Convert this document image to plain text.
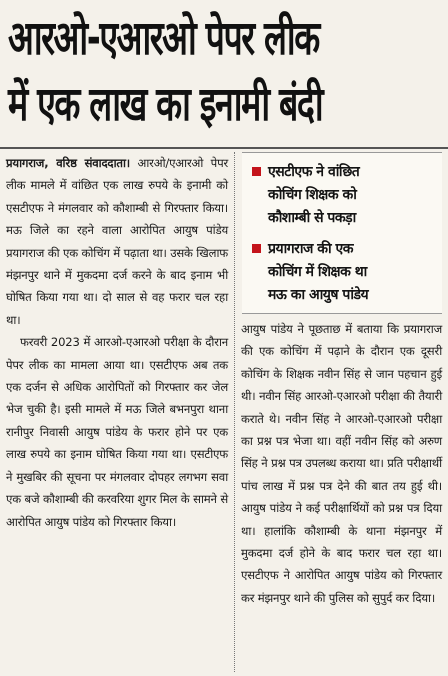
आरओ-एआरओ पेपर लीक
में एक लाख का इनामी बंदी

प्रयागराज, वरिष्ठ संवाददाता। आरओ/एआरओ पेपर लीक मामले में वांछित एक लाख रुपये के इनामी को एसटीएफ ने मंगलवार को कौशाम्बी से गिरफ्तार किया। मऊ जिले का रहने वाला आरोपित आयुष पांडेय प्रयागराज की एक कोचिंग में पढ़ाता था। उसके खिलाफ मंझनपुर थाने में मुकदमा दर्ज करने के बाद इनाम भी घोषित किया गया था। दो साल से वह फरार चल रहा था।

फरवरी 2023 में आरओ-एआरओ परीक्षा के दौरान पेपर लीक का मामला आया था। एसटीएफ अब तक एक दर्जन से अधिक आरोपितों को गिरफ्तार कर जेल भेज चुकी है। इसी मामले में मऊ जिले बभनपुरा थाना रानीपुर निवासी आयुष पांडेय के फरार होने पर एक लाख रुपये का इनाम घोषित किया गया था। एसटीएफ ने मुखबिर की सूचना पर मंगलवार दोपहर लगभग सवा एक बजे कौशाम्बी की करवरिया शुगर मिल के सामने से आरोपित आयुष पांडेय को गिरफ्तार किया।

एसटीएफ ने वांछित
कोचिंग शिक्षक को
कौशाम्बी से पकड़ा
प्रयागराज की एक
कोचिंग में शिक्षक था
मऊ का आयुष पांडेय

आयुष पांडेय ने पूछताछ में बताया कि प्रयागराज की एक कोचिंग में पढ़ाने के दौरान एक दूसरी कोचिंग के शिक्षक नवीन सिंह से जान पहचान हुई थी। नवीन सिंह आरओ-एआरओ परीक्षा की तैयारी कराते थे। नवीन सिंह ने आरओ-एआरओ परीक्षा का प्रश्न पत्र भेजा था। वहीं नवीन सिंह को अरुण सिंह ने प्रश्न पत्र उपलब्ध कराया था। प्रति परीक्षार्थी पांच लाख में प्रश्न पत्र देने की बात तय हुई थी। आयुष पांडेय ने कई परीक्षार्थियों को प्रश्न पत्र दिया था। हालांकि कौशाम्बी के थाना मंझनपुर में मुकदमा दर्ज होने के बाद फरार चल रहा था। एसटीएफ ने आरोपित आयुष पांडेय को गिरफ्तार कर मंझनपुर थाने की पुलिस को सुपुर्द कर दिया।
